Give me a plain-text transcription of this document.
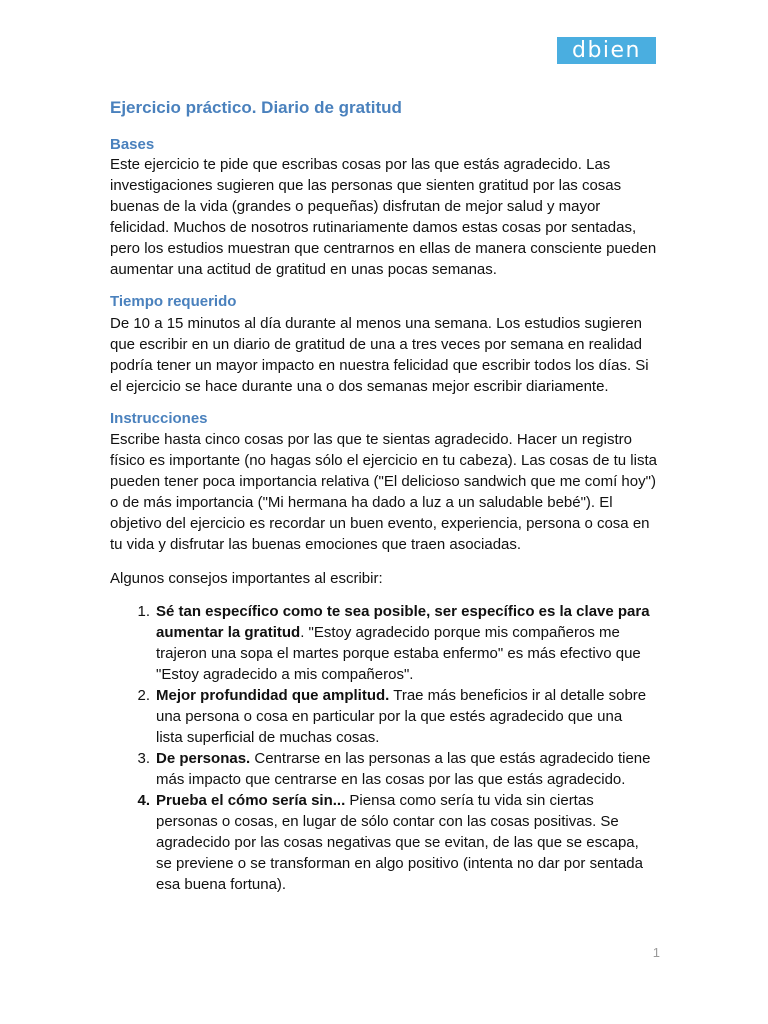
dbien
Ejercicio práctico. Diario de gratitud
Bases

Este ejercicio te pide que escribas cosas por las que estás agradecido. Las investigaciones sugieren que las personas que sienten gratitud por las cosas buenas de la vida (grandes o pequeñas) disfrutan de mejor salud y mayor felicidad. Muchos de nosotros rutinariamente damos estas cosas por sentadas, pero los estudios muestran que centrarnos en ellas de manera consciente pueden aumentar una actitud de gratitud en unas pocas semanas.

Tiempo requerido

De 10 a 15 minutos al día durante al menos una semana. Los estudios sugieren que escribir en un diario de gratitud de una a tres veces por semana en realidad podría tener un mayor impacto en nuestra felicidad que escribir todos los días. Si el ejercicio se hace durante una o dos semanas mejor escribir diariamente.

Instrucciones

Escribe hasta cinco cosas por las que te sientas agradecido. Hacer un registro físico es importante (no hagas sólo el ejercicio en tu cabeza). Las cosas de tu lista pueden tener poca importancia relativa ("El delicioso sandwich que me comí hoy") o de más importancia ("Mi hermana ha dado a luz a un saludable bebé"). El objetivo del ejercicio es recordar un buen evento, experiencia, persona o cosa en tu vida y disfrutar las buenas emociones que traen asociadas.

Algunos consejos importantes al escribir:

1. Sé tan específico como te sea posible, ser específico es la clave para aumentar la gratitud. "Estoy agradecido porque mis compañeros me trajeron una sopa el martes porque estaba enfermo" es más efectivo que "Estoy agradecido a mis compañeros".

2. Mejor profundidad que amplitud. Trae más beneficios ir al detalle sobre una persona o cosa en particular por la que estés agradecido que una lista superficial de muchas cosas.

3. De personas. Centrarse en las personas a las que estás agradecido tiene más impacto que centrarse en las cosas por las que estás agradecido.

4. Prueba el cómo sería sin... Piensa como sería tu vida sin ciertas personas o cosas, en lugar de sólo contar con las cosas positivas. Se agradecido por las cosas negativas que se evitan, de las que se escapa, se previene o se transforman en algo positivo (intenta no dar por sentada esa buena fortuna).

1
